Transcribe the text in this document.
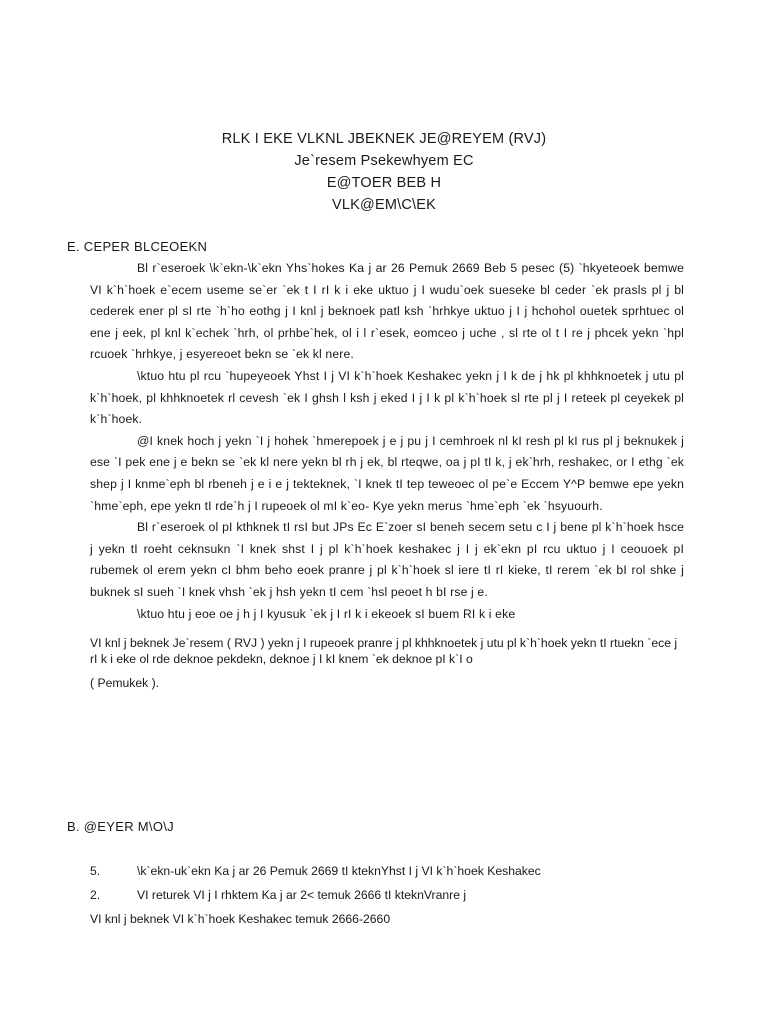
RLK I EKE VLKNL JBEKNEK JE@REYEM (RVJ)
Je`resem Psekewhyem EC
E@TOER BEB H
VLK@EM\C\EK
E. CEPER BLCEOEKN

Bl r`eseroek \k`ekn-\k`ekn Yhs`hokes Ka j ar 26 Pemuk 2669 Beb 5 pesec (5) `hkyeteoek bemwe VI k`h`hoek e`ecem useme se`er `ek t I rI k i eke uktuo j I wudu`oek sueseke bl ceder `ek prasls pl j bl cederek ener pl sI rte `h`ho eothg j I knl j beknoek patl ksh `hrhkye uktuo j I j hchohol ouetek sprhtuec ol ene j eek, pl knl k`echek `hrh, ol prhbe`hek, ol i l r`esek, eomceo j uche , sl rte ol t I re j phcek yekn `hpl rcuoek `hrhkye, j esyereoet bekn se `ek kl nere.

\ktuo htu pl rcu `hupeyeoek Yhst I j VI k`h`hoek Keshakec yekn j I k de j hk pl khhknoetek j utu pl k`h`hoek, pl khhknoetek rl cevesh `ek I ghsh l ksh j eked I j I k pl k`h`hoek sl rte pl j I reteek pl ceyekek pl k`h`hoek.

@I knek hoch j yekn `I j hohek `hmerepoek j e j pu j I cemhroek nl kI resh pl kI rus pl j beknukek j ese `I pek ene j e bekn se `ek kl nere yekn bl rh j ek, bl rteqwe, oa j pI tI k, j ek`hrh, reshakec, or I ethg `ek shep j I knme`eph bl rbeneh j e i e j tekteknek, `I knek tI tep teweoec ol pe`e Eccem Y^P bemwe epe yekn `hme`eph, epe yekn tI rde`h j I rupeoek ol mI k`eo- Kye yekn merus `hme`eph `ek `hsyuourh.

Bl r`eseroek ol pI kthknek tI rsI but JPs Ec E`zoer sI beneh secem setu c I j bene pl k`h`hoek hsce j yekn tI roeht ceknsukn `I knek shst I j pl k`h`hoek keshakec j I j ek`ekn pI rcu uktuo j I ceouoek pI rubemek ol erem yekn cI bhm beho eoek pranre j pl k`h`hoek sl iere tI rI kieke, tI rerem `ek bI rol shke j buknek sI sueh `I knek vhsh `ek j hsh yekn tI cem `hsl peoet h bI rse j e.

\ktuo htu j eoe oe j h j I kyusuk `ek j I rI k i ekeoek sI buem RI k i eke

VI knl j beknek Je`resem ( RVJ ) yekn j I rupeoek pranre j pl khhknoetek j utu pl k`h`hoek yekn tI rtuekn `ece j rI k i eke ol rde deknoe pekdekn, deknoe j I kI knem `ek deknoe pI k`I o

( Pemukek ).

B. @EYER M\O\J
5.	\k`ekn-uk`ekn Ka j ar 26 Pemuk 2669 tI kteknYhst I j VI k`h`hoek Keshakec
2.	VI returek VI j I rhktem Ka j ar 2< temuk 2666 tI kteknVranre j

VI knl j beknek VI k`h`hoek Keshakec temuk 2666-2660
